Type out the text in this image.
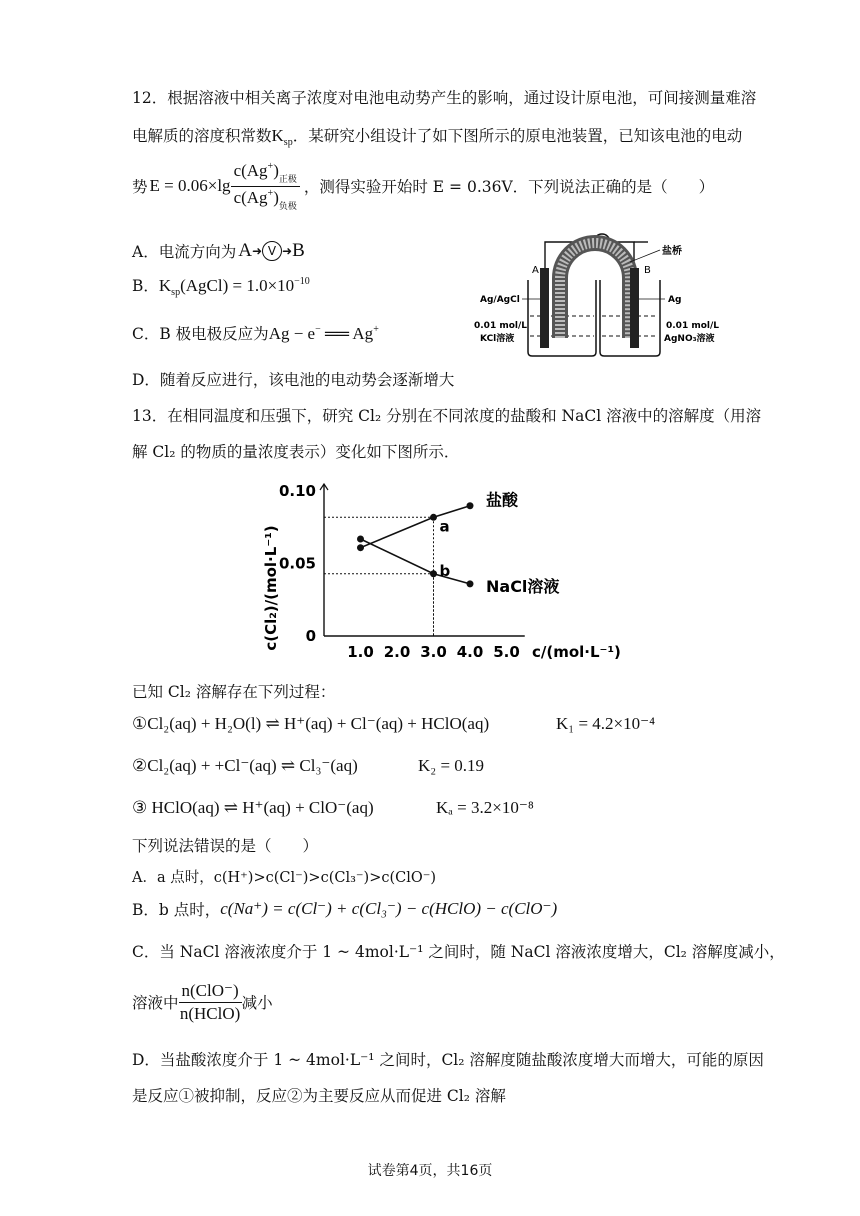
12．根据溶液中相关离子浓度对电池电动势产生的影响，通过设计原电池，可间接测量难溶
电解质的溶度积常数$K_{sp}$．某研究小组设计了如下图所示的原电池装置，已知该电池的电动
势 $E = 0.06\times\lg \frac{c(Ag^+)_{正极}}{c(Ag^+)_{负极}}$ ，测得实验开始时 E = 0.36V．下列说法正确的是（　　）
A．电流方向为 A ➜ V ➜ B
B．$K_{sp}(AgCl) = 1.0\times 10^{-10}$
C．B 极电极反应为Ag − e− ══ Ag+
D．随着反应进行，该电池的电动势会逐渐增大
V
A	B
盐桥
Ag/AgCl	Ag
0.01 mol/L
KCl溶液
0.01 mol/L
AgNO₃溶液
13．在相同温度和压强下，研究 Cl₂ 分别在不同浓度的盐酸和 NaCl 溶液中的溶解度（用溶
解 Cl₂ 的物质的量浓度表示）变化如下图所示．
c(Cl₂)/(mol·L⁻¹)
c/(mol·L⁻¹)
1.0 2.0 3.0 4.0 5.0
0
0.05
0.10	盐酸
NaCl溶液
a
b
已知 Cl₂ 溶解存在下列过程：
①Cl₂(aq) + H₂O(l) ⇌ H⁺(aq) + Cl⁻(aq) + HClO(aq)	K₁ = 4.2×10⁻⁴
②Cl₂(aq) + +Cl⁻(aq) ⇌ Cl₃⁻(aq)	K₂ = 0.19
③ HClO(aq) ⇌ H⁺(aq) + ClO⁻(aq)	Kₐ = 3.2×10⁻⁸
下列说法错误的是（　　）
A．a 点时，c(H⁺)>c(Cl⁻)>c(Cl₃⁻)>c(ClO⁻)
B．b 点时， c(Na⁺) = c(Cl⁻) + c(Cl₃⁻) − c(HClO) − c(ClO⁻)
C．当 NaCl 溶液浓度介于 1 ~ 4mol·L⁻¹ 之间时，随 NaCl 溶液浓度增大，Cl₂ 溶解度减小，
溶液中 $\frac{\text{n(ClO⁻)}}{\text{n(HClO)}}$ 减小
D．当盐酸浓度介于 1 ~ 4mol·L⁻¹ 之间时，Cl₂ 溶解度随盐酸浓度增大而增大，可能的原因
是反应①被抑制，反应②为主要反应从而促进 Cl₂ 溶解
试卷第4页，共16页
